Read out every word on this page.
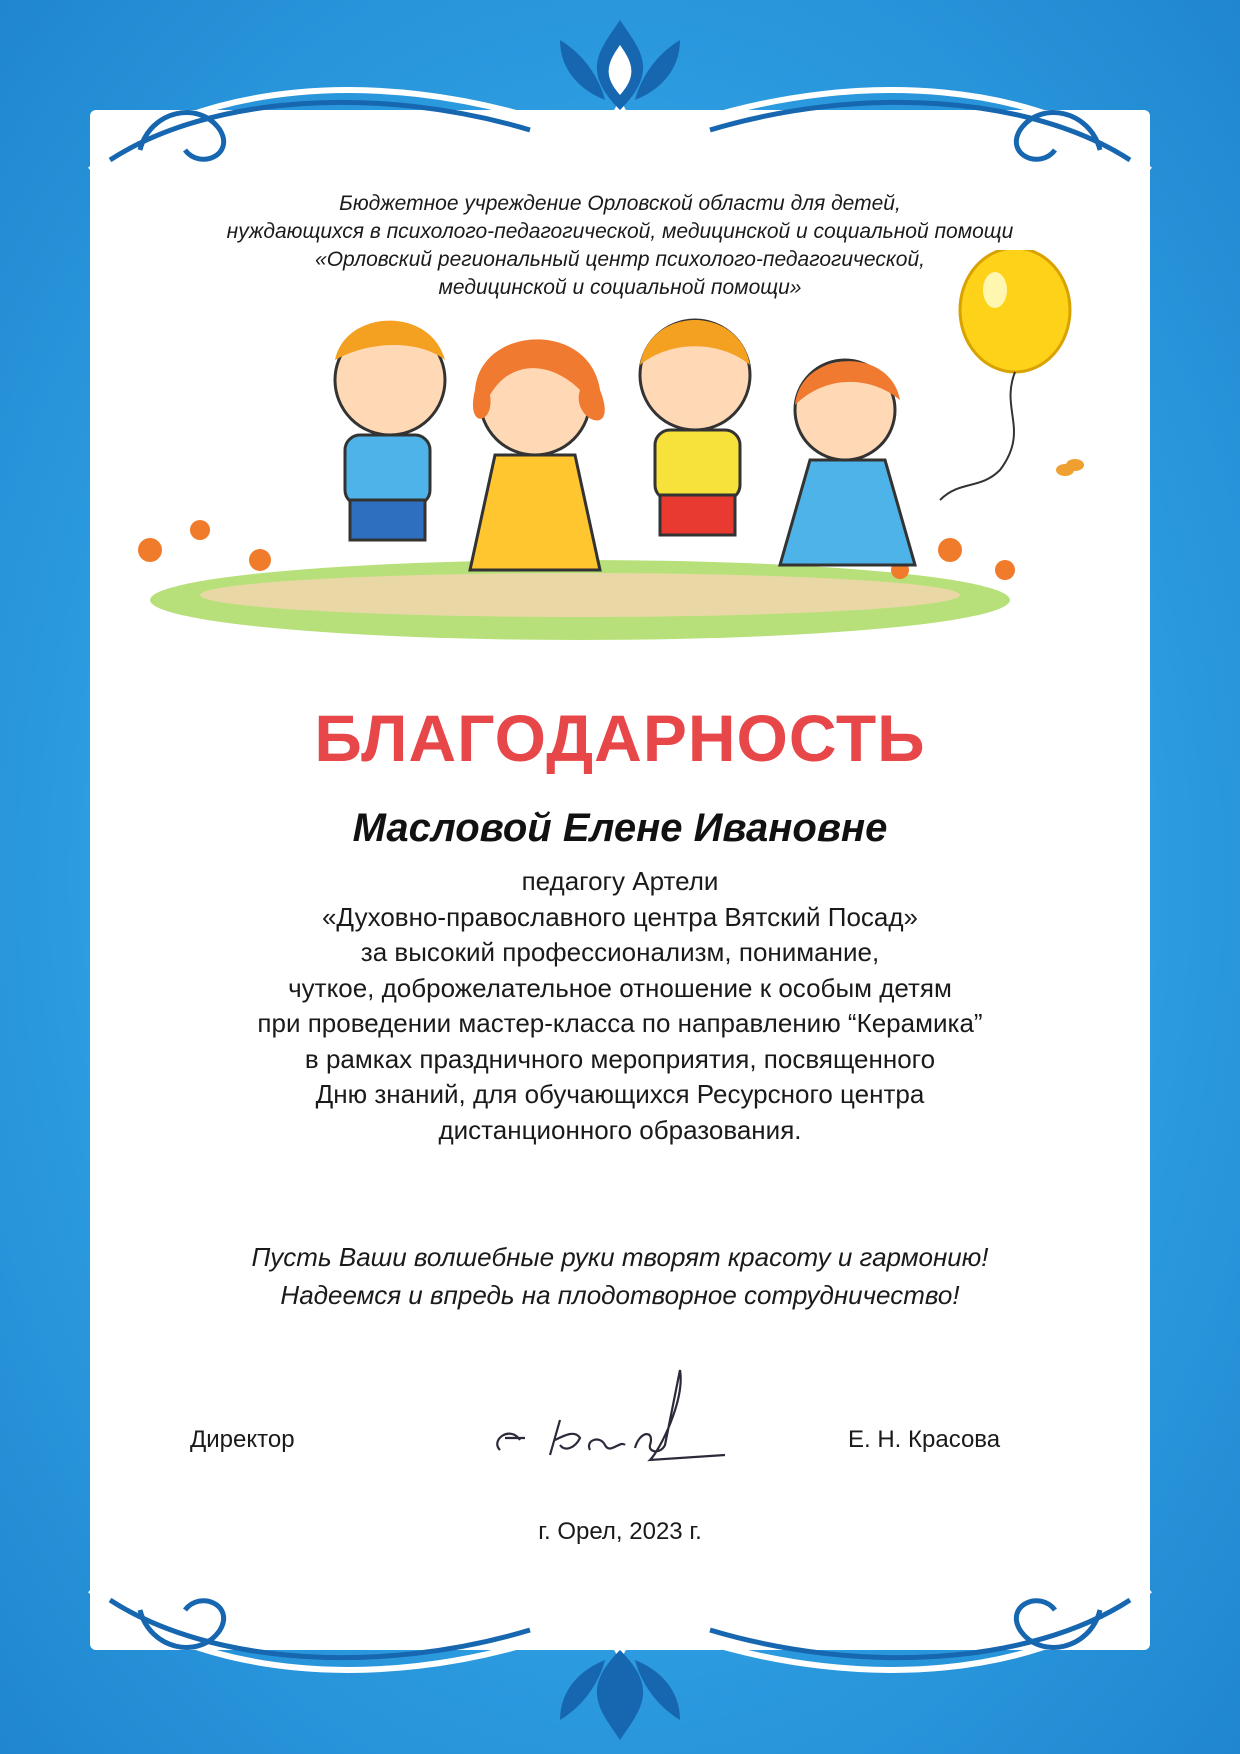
Бюджетное учреждение Орловской области для детей,
нуждающихся в психолого-педагогической, медицинской и социальной помощи
«Орловский региональный центр психолого-педагогической,
медицинской и социальной помощи»
БЛАГОДАРНОСТЬ
Масловой Елене Ивановне
педагогу Артели
«Духовно-православного центра Вятский Посад»
за высокий профессионализм, понимание,
чуткое, доброжелательное отношение к особым детям
при проведении мастер-класса по направлению “Керамика”
в рамках праздничного мероприятия, посвященного
Дню знаний, для обучающихся Ресурсного центра
дистанционного образования.
Пусть Ваши волшебные руки творят красоту и гармонию!
Надеемся и впредь на плодотворное сотрудничество!
Директор	Е. Н. Красова
г. Орел, 2023 г.
